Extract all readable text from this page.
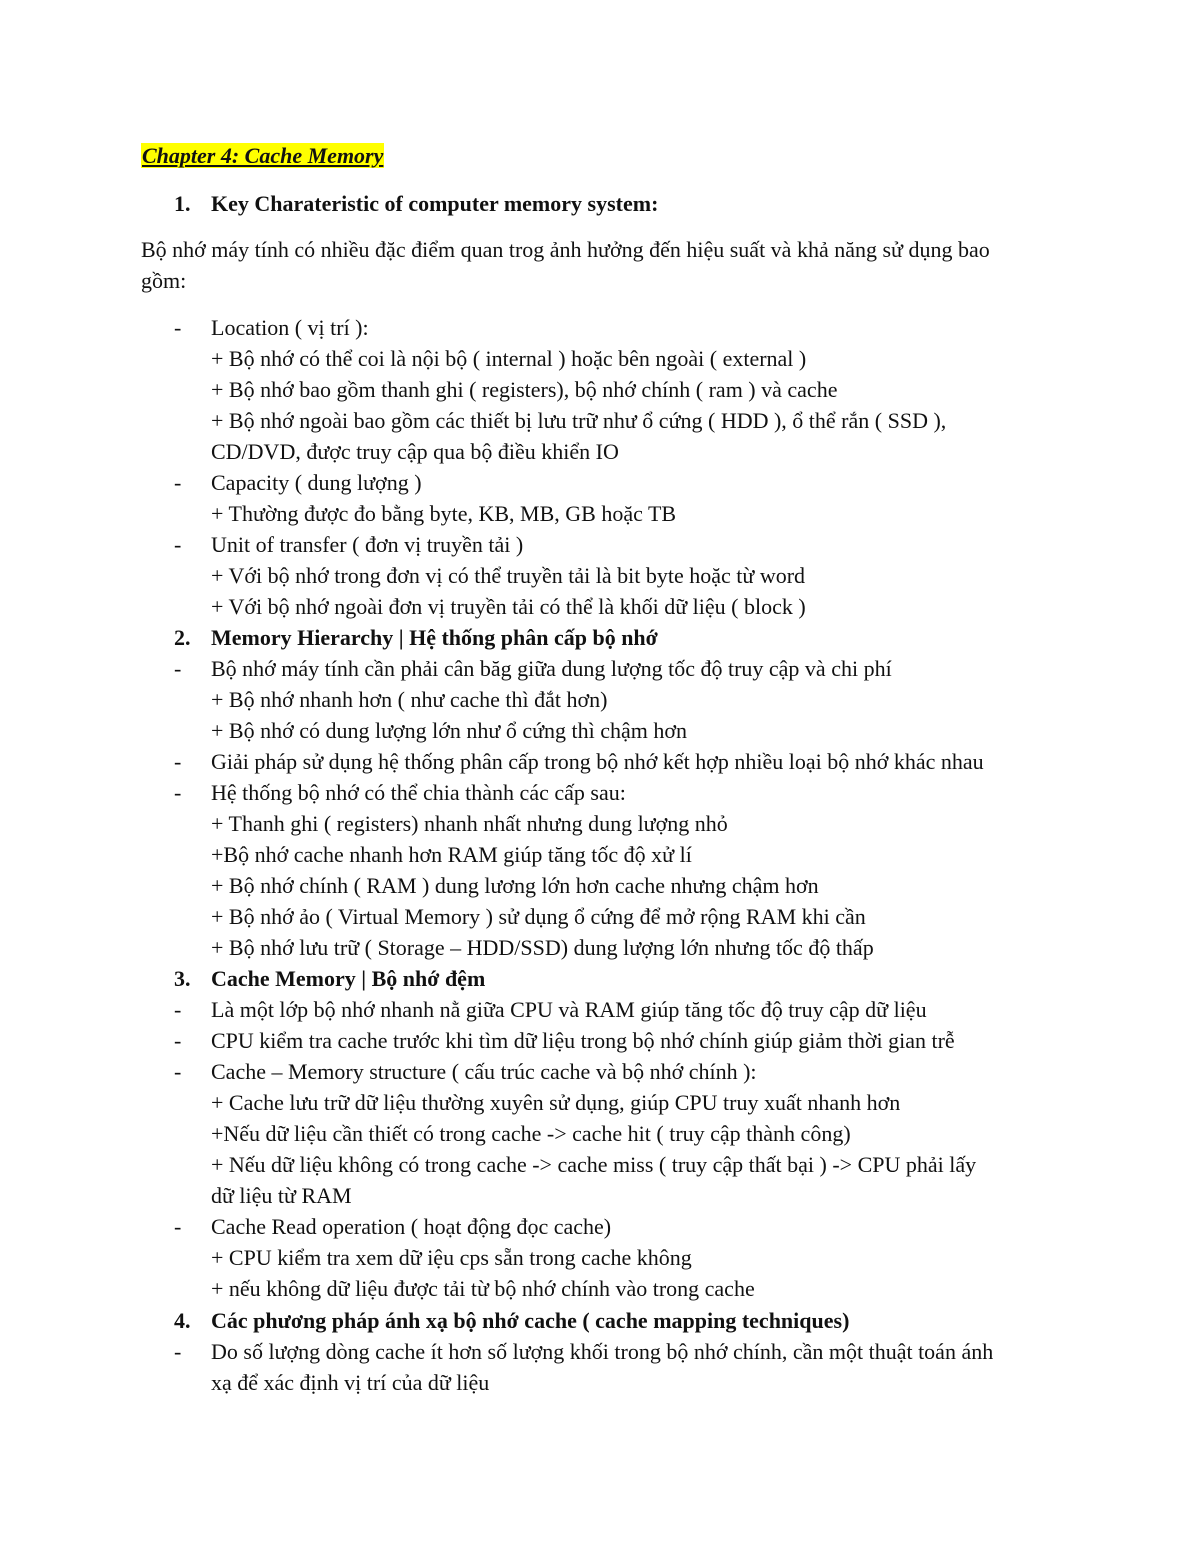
Chapter 4: Cache Memory
1. Key Charateristic of computer memory system:
Bộ nhớ máy tính có nhiều đặc điểm quan trog ảnh hưởng đến hiệu suất và khả năng sử dụng bao
gồm:
- Location ( vị trí ):
+ Bộ nhớ có thể coi là nội bộ ( internal ) hoặc bên ngoài ( external )
+ Bộ nhớ bao gồm thanh ghi ( registers), bộ nhớ chính ( ram ) và cache
+ Bộ nhớ ngoài bao gồm các thiết bị lưu trữ như ổ cứng ( HDD ), ổ thể rắn ( SSD ),
CD/DVD, được truy cập qua bộ điều khiển IO
- Capacity ( dung lượng )
+ Thường được đo bằng byte, KB, MB, GB hoặc TB
- Unit of transfer ( đơn vị truyền tải )
+ Với bộ nhớ trong đơn vị có thể truyền tải là bit byte hoặc từ word
+ Với bộ nhớ ngoài đơn vị truyền tải có thể là khối dữ liệu ( block )
2. Memory Hierarchy | Hệ thống phân cấp bộ nhớ
- Bộ nhớ máy tính cần phải cân băg giữa dung lượng tốc độ truy cập và chi phí
+ Bộ nhớ nhanh hơn ( như cache thì đắt hơn)
+ Bộ nhớ có dung lượng lớn như ổ cứng thì chậm hơn
- Giải pháp sử dụng hệ thống phân cấp trong bộ nhớ kết hợp nhiều loại bộ nhớ khác nhau
- Hệ thống bộ nhớ có thể chia thành các cấp sau:
+ Thanh ghi ( registers) nhanh nhất nhưng dung lượng nhỏ
+Bộ nhớ cache nhanh hơn RAM giúp tăng tốc độ xử lí
+ Bộ nhớ chính ( RAM ) dung lương lớn hơn cache nhưng chậm hơn
+ Bộ nhớ ảo ( Virtual Memory ) sử dụng ổ cứng để mở rộng RAM khi cần
+ Bộ nhớ lưu trữ ( Storage – HDD/SSD) dung lượng lớn nhưng tốc độ thấp
3. Cache Memory | Bộ nhớ đệm
- Là một lớp bộ nhớ nhanh nằ giữa CPU và RAM giúp tăng tốc độ truy cập dữ liệu
- CPU kiểm tra cache trước khi tìm dữ liệu trong bộ nhớ chính giúp giảm thời gian trễ
- Cache – Memory structure ( cấu trúc cache và bộ nhớ chính ):
+ Cache lưu trữ dữ liệu thường xuyên sử dụng, giúp CPU truy xuất nhanh hơn
+Nếu dữ liệu cần thiết có trong cache -> cache hit ( truy cập thành công)
+ Nếu dữ liệu không có trong cache -> cache miss ( truy cập thất bại ) -> CPU phải lấy
dữ liệu từ RAM
- Cache Read operation ( hoạt động đọc cache)
+ CPU kiểm tra xem dữ iệu cps sẵn trong cache không
+ nếu không dữ liệu được tải từ bộ nhớ chính vào trong cache
4. Các phương pháp ánh xạ bộ nhớ cache ( cache mapping techniques)
- Do số lượng dòng cache ít hơn số lượng khối trong bộ nhớ chính, cần một thuật toán ánh
xạ để xác định vị trí của dữ liệu
